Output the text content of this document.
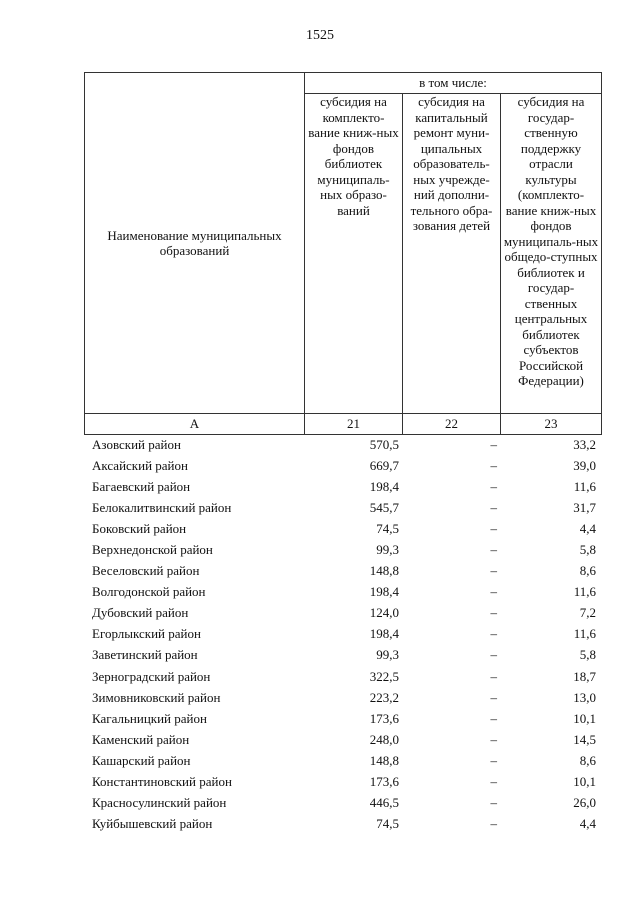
1525
Наименование муниципальных образований	в том числе:		
	субсидия на комплекто-вание книж-ных фондов библиотек муниципаль-ных образо-ваний	субсидия на капитальный ремонт муни-ципальных образователь-ных учрежде-ний дополни-тельного обра-зования детей	субсидия на государ-ственную поддержку отрасли культуры (комплекто-вание книж-ных фондов муниципаль-ных общедо-ступных библиотек и государ-ственных центральных библиотек субъектов Российской Федерации)
А	21	22	23
Азовский район	570,5	–	33,2
Аксайский район	669,7	–	39,0
Багаевский район	198,4	–	11,6
Белокалитвинский район	545,7	–	31,7
Боковский район	74,5	–	4,4
Верхнедонской район	99,3	–	5,8
Веселовский район	148,8	–	8,6
Волгодонской район	198,4	–	11,6
Дубовский район	124,0	–	7,2
Егорлыкский район	198,4	–	11,6
Заветинский район	99,3	–	5,8
Зерноградский район	322,5	–	18,7
Зимовниковский район	223,2	–	13,0
Кагальницкий район	173,6	–	10,1
Каменский район	248,0	–	14,5
Кашарский район	148,8	–	8,6
Константиновский район	173,6	–	10,1
Красносулинский район	446,5	–	26,0
Куйбышевский район	74,5	–	4,4
